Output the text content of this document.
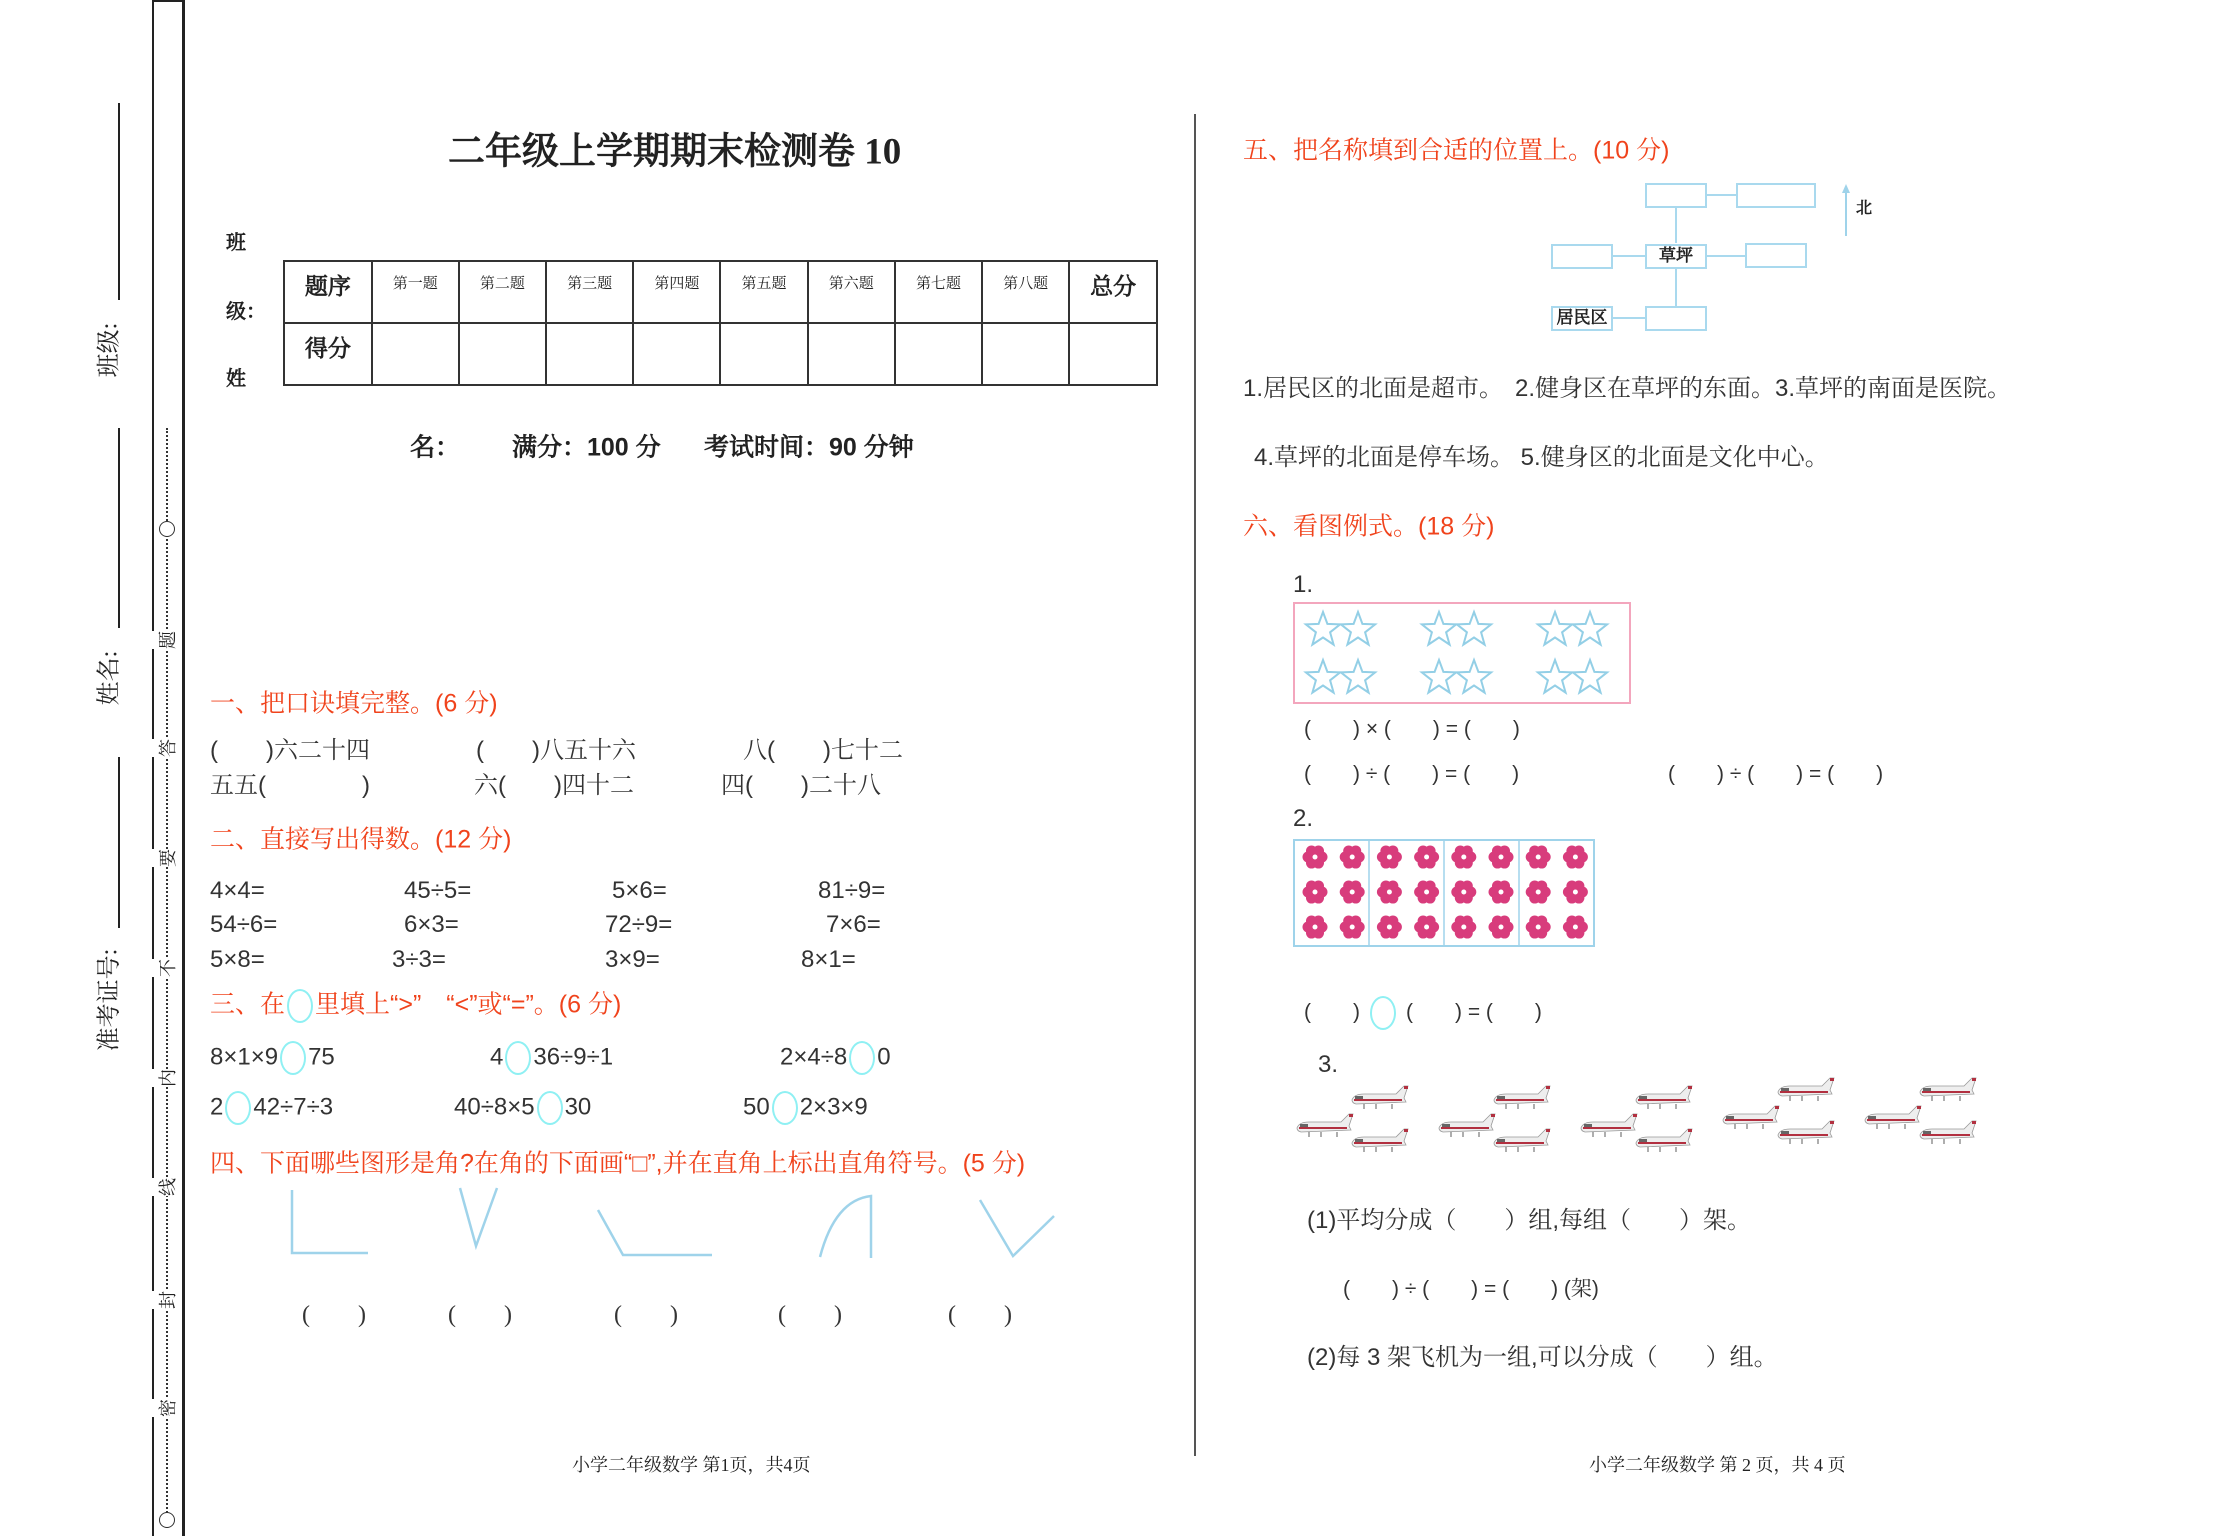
班级:
姓名:
准考证号:
题
答
要
不
内
线
封
密
二年级上学期期末检测卷 10
班
级：
姓
题序	第一题	第二题	第三题	第四题	第五题	第六题	第七题	第八题	总分
得分									
名： 满分：100 分 考试时间：90 分钟
一、把口诀填完整。(6 分)
(　　)六二十四	(　　)八五十六	八(　　)七十二
五五(　　　　)	六(　　)四十二	四(　　)二十八
二、直接写出得数。(12 分)
4×4=	45÷5=	5×6=	81÷9=
54÷6=	6×3=	72÷9=	7×6=
5×8=	3÷3=	3×9=	8×1=
三、在 里填上“>”　“<”或“=”。(6 分)
8×1×9 75	4 36÷9÷1	2×4÷8 0
2 42÷7÷3	40÷8×5 30	50 2×3×9
四、下面哪些图形是角?在角的下面画“□”,并在直角上标出直角符号。(5 分)
(　　)	(　　)	(　　)	(　　)	(　　)
小学二年级数学 第1页，共4页
五、把名称填到合适的位置上。(10 分)
草坪
居民区
北
1.居民区的北面是超市。　2.健身区在草坪的东面。3.草坪的南面是医院。
4.草坪的北面是停车场。 5.健身区的北面是文化中心。
六、看图例式。(18 分)
1.
(　　) × (　　) = (　　)
(　　) ÷ (　　) = (　　)	(　　) ÷ (　　) = (　　)
2.
(　　) (　　) = (　　)
3.
(1)平均分成（　　）组,每组（　　）架。
(　　) ÷ (　　) = (　　) (架)
(2)每 3 架飞机为一组,可以分成（　　）组。
小学二年级数学 第 2 页，共 4 页
